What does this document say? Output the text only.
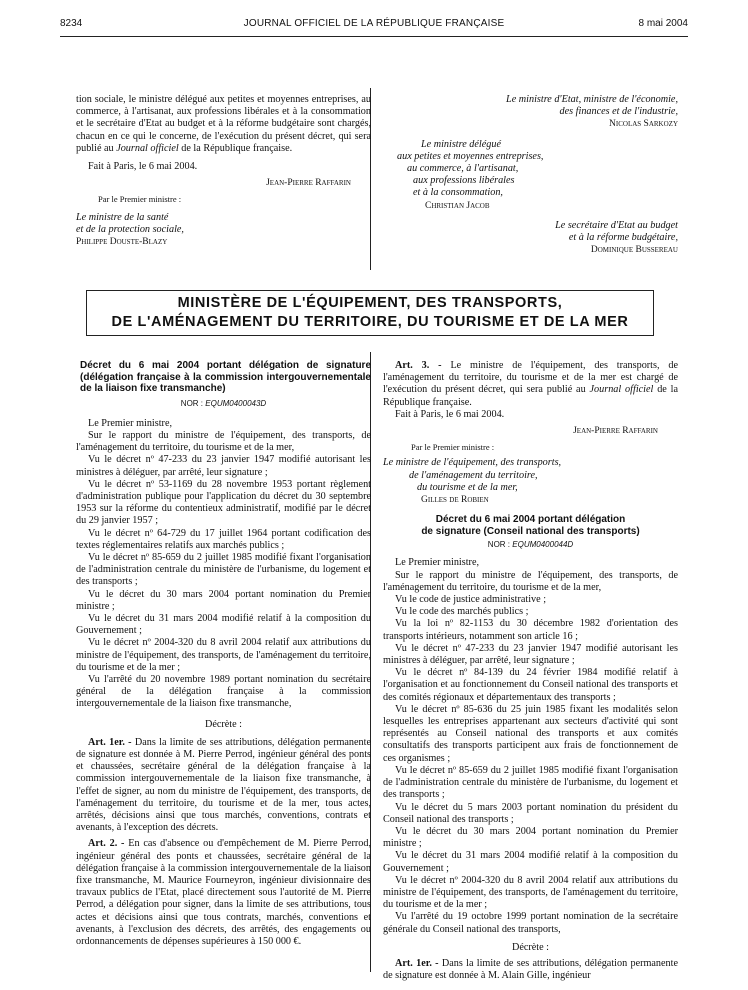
8234	JOURNAL OFFICIEL DE LA RÉPUBLIQUE FRANÇAISE	8 mai 2004

tion sociale, le ministre délégué aux petites et moyennes entreprises, au commerce, à l'artisanat, aux professions libérales et à la consommation et le secrétaire d'Etat au budget et à la réforme budgétaire sont chargés, chacun en ce qui le concerne, de l'exécution du présent décret, qui sera publié au Journal officiel de la République française.

Fait à Paris, le 6 mai 2004.

Jean-Pierre Raffarin

Par le Premier ministre :

Le ministre de la santé

et de la protection sociale,

Philippe Douste-Blazy

Le ministre d'Etat, ministre de l'économie,

des finances et de l'industrie,

Nicolas Sarkozy

Le ministre délégué

aux petites et moyennes entreprises,

au commerce, à l'artisanat,

aux professions libérales

et à la consommation,

Christian Jacob

Le secrétaire d'Etat au budget

et à la réforme budgétaire,

Dominique Bussereau

MINISTÈRE DE L'ÉQUIPEMENT, DES TRANSPORTS,
DE L'AMÉNAGEMENT DU TERRITOIRE, DU TOURISME ET DE LA MER

Décret du 6 mai 2004 portant délégation de signature (délégation française à la commission intergouvernementale de la liaison fixe transmanche)

NOR : EQUM0400043D

Le Premier ministre,

Sur le rapport du ministre de l'équipement, des transports, de l'aménagement du territoire, du tourisme et de la mer,

Vu le décret nº 47-233 du 23 janvier 1947 modifié autorisant les ministres à déléguer, par arrêté, leur signature ;

Vu le décret nº 53-1169 du 28 novembre 1953 portant règlement d'administration publique pour l'application du décret du 30 septembre 1953 sur la réforme du contentieux administratif, modifié par le décret du 29 janvier 1957 ;

Vu le décret nº 64-729 du 17 juillet 1964 portant codification des textes réglementaires relatifs aux marchés publics ;

Vu le décret nº 85-659 du 2 juillet 1985 modifié fixant l'organisation de l'administration centrale du ministère de l'urbanisme, du logement et des transports ;

Vu le décret du 30 mars 2004 portant nomination du Premier ministre ;

Vu le décret du 31 mars 2004 modifié relatif à la composition du Gouvernement ;

Vu le décret nº 2004-320 du 8 avril 2004 relatif aux attributions du ministre de l'équipement, des transports, de l'aménagement du territoire, du tourisme et de la mer ;

Vu l'arrêté du 20 novembre 1989 portant nomination du secrétaire général de la délégation française à la commission intergouvernementale de la liaison fixe transmanche,

Décrète :

Art. 1er. - Dans la limite de ses attributions, délégation permanente de signature est donnée à M. Pierre Perrod, ingénieur général des ponts et chaussées, secrétaire général de la délégation française à la commission intergouvernementale de la liaison fixe transmanche, à l'effet de signer, au nom du ministre de l'équipement, des transports, de l'aménagement du territoire, du tourisme et de la mer, tous actes, arrêtés, décisions ainsi que tous marchés, conventions, contrats et avenants, à l'exception des décrets.

Art. 2. - En cas d'absence ou d'empêchement de M. Pierre Perrod, ingénieur général des ponts et chaussées, secrétaire général de la délégation française à la commission intergouvernementale de la liaison fixe transmanche, M. Maurice Fourneyron, ingénieur divisionnaire des travaux publics de l'Etat, placé directement sous l'autorité de M. Pierre Perrod, a délégation pour signer, dans la limite de ses attributions, tous actes et décisions ainsi que tous contrats, marchés, conventions et avenants, à l'exclusion des décrets, des arrêtés, des engagements ou ordonnancements de dépenses supérieures à 150 000 €.

Art. 3. - Le ministre de l'équipement, des transports, de l'aménagement du territoire, du tourisme et de la mer est chargé de l'exécution du présent décret, qui sera publié au Journal officiel de la République française.

Fait à Paris, le 6 mai 2004.

Jean-Pierre Raffarin

Par le Premier ministre :

Le ministre de l'équipement, des transports,

de l'aménagement du territoire,

du tourisme et de la mer,

Gilles de Robien

Décret du 6 mai 2004 portant délégation

de signature (Conseil national des transports)

NOR : EQUM0400044D

Le Premier ministre,

Sur le rapport du ministre de l'équipement, des transports, de l'aménagement du territoire, du tourisme et de la mer,

Vu le code de justice administrative ;

Vu le code des marchés publics ;

Vu la loi nº 82-1153 du 30 décembre 1982 d'orientation des transports intérieurs, notamment son article 16 ;

Vu le décret nº 47-233 du 23 janvier 1947 modifié autorisant les ministres à déléguer, par arrêté, leur signature ;

Vu le décret nº 84-139 du 24 février 1984 modifié relatif à l'organisation et au fonctionnement du Conseil national des transports et des comités régionaux et départementaux des transports ;

Vu le décret nº 85-636 du 25 juin 1985 fixant les modalités selon lesquelles les entreprises appartenant aux secteurs d'activité qui sont représentés au Conseil national des transports et aux comités consultatifs des transports participent aux frais de fonctionnement de ces organismes ;

Vu le décret nº 85-659 du 2 juillet 1985 modifié fixant l'organisation de l'administration centrale du ministère de l'urbanisme, du logement et des transports ;

Vu le décret du 5 mars 2003 portant nomination du président du Conseil national des transports ;

Vu le décret du 30 mars 2004 portant nomination du Premier ministre ;

Vu le décret du 31 mars 2004 modifié relatif à la composition du Gouvernement ;

Vu le décret nº 2004-320 du 8 avril 2004 relatif aux attributions du ministre de l'équipement, des transports, de l'aménagement du territoire, du tourisme et de la mer ;

Vu l'arrêté du 19 octobre 1999 portant nomination de la secrétaire générale du Conseil national des transports,

Décrète :

Art. 1er. - Dans la limite de ses attributions, délégation permanente de signature est donnée à M. Alain Gille, ingénieur
